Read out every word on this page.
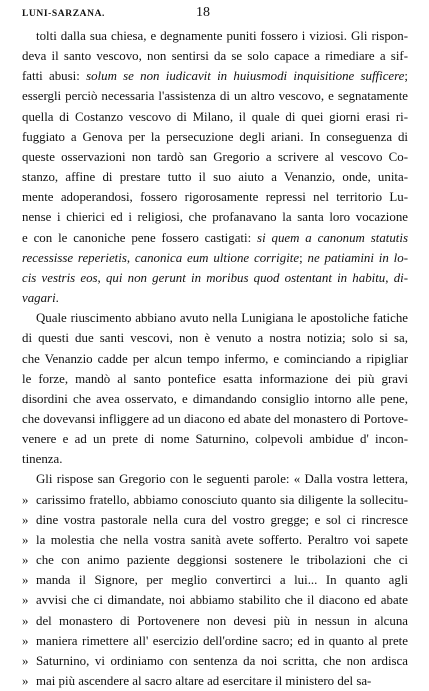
LUNI-SARZANA.	18
tolti dalla sua chiesa, e degnamente puniti fossero i viziosi. Gli rispon-
deva il santo vescovo, non sentirsi da se solo capace a rimediare a sif-
fatti abusi: solum se non iudicavit in huiusmodi inquisitione sufficere;
essergli perciò necessaria l'assistenza di un altro vescovo, e segnatamente
quella di Costanzo vescovo di Milano, il quale di quei giorni erasi ri-
fuggiato a Genova per la persecuzione degli ariani. In conseguenza di
queste osservazioni non tardò san Gregorio a scrivere al vescovo Co-
stanzo, affine di prestare tutto il suo aiuto a Venanzio, onde, unita-
mente adoperandosi, fossero rigorosamente repressi nel territorio Lu-
nense i chierici ed i religiosi, che profanavano la santa loro vocazione
e con le canoniche pene fossero castigati: si quem a canonum statutis
recessisse reperietis, canonica eum ultione corrigite; ne patiamini in lo-
cis vestris eos, qui non gerunt in moribus quod ostentant in habitu, di-
vagari.
Quale riuscimento abbiano avuto nella Lunigiana le apostoliche fatiche
di questi due santi vescovi, non è venuto a nostra notizia; solo si sa,
che Venanzio cadde per alcun tempo infermo, e cominciando a ripigliar
le forze, mandò al santo pontefice esatta informazione dei più gravi
disordini che avea osservato, e dimandando consiglio intorno alle pene,
che dovevansi infliggere ad un diacono ed abate del monastero di Portove-
venere e ad un prete di nome Saturnino, colpevoli ambidue d' incon-
tinenza.
Gli rispose san Gregorio con le seguenti parole: « Dalla vostra lettera,
» carissimo fratello, abbiamo conosciuto quanto sia diligente la sollecitu-
» dine vostra pastorale nella cura del vostro gregge; e sol ci rincresce
» la molestia che nella vostra sanità avete sofferto. Peraltro voi sapete
» che con animo paziente deggionsi sostenere le tribolazioni che ci
» manda il Signore, per meglio convertirci a lui... In quanto agli
» avvisi che ci dimandate, noi abbiamo stabilito che il diacono ed abate
» del monastero di Portovenere non devesi più in nessun in alcuna
» maniera rimettere all' esercizio dell'ordine sacro; ed in quanto al prete
» Saturnino, vi ordiniamo con sentenza da noi scritta, che non ardisca
» mai più ascendere al sacro altare ad esercitare il ministero del sa-
